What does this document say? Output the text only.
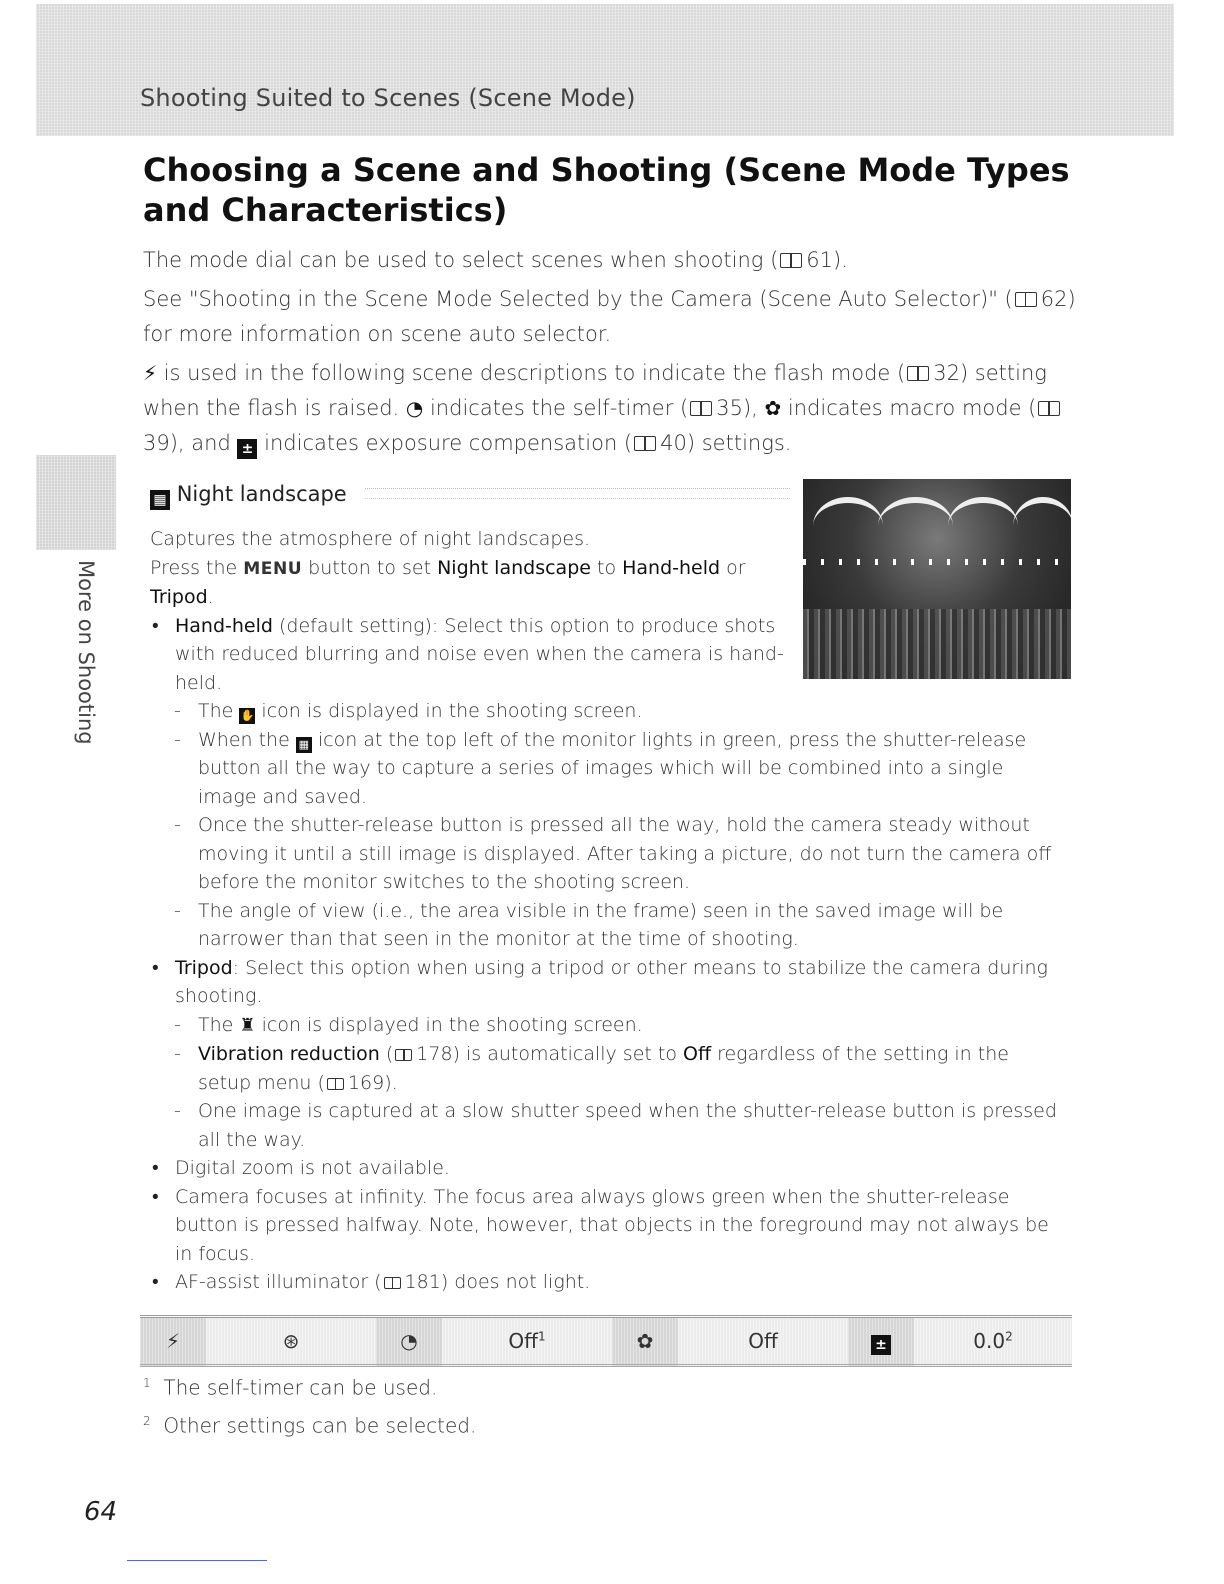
Shooting Suited to Scenes (Scene Mode)
More on Shooting
Choosing a Scene and Shooting (Scene Mode Types and Characteristics)

The mode dial can be used to select scenes when shooting ( 61).

See "Shooting in the Scene Mode Selected by the Camera (Scene Auto Selector)" ( 62) for more information on scene auto selector.

⚡ is used in the following scene descriptions to indicate the flash mode ( 32) setting when the flash is raised. ◔ indicates the self-timer ( 35), ✿ indicates macro mode (39), and ± indicates exposure compensation ( 40) settings.

▦ Night landscape

Captures the atmosphere of night landscapes.

Press the MENU button to set Night landscape to Hand-held or Tripod.

• Hand-held (default setting): Select this option to produce shots with reduced blurring and noise even when the camera is hand-held.

- The ✋ icon is displayed in the shooting screen.

- When the ▦ icon at the top left of the monitor lights in green, press the shutter-release button all the way to capture a series of images which will be combined into a single image and saved.

- Once the shutter-release button is pressed all the way, hold the camera steady without moving it until a still image is displayed. After taking a picture, do not turn the camera off before the monitor switches to the shooting screen.

- The angle of view (i.e., the area visible in the frame) seen in the saved image will be narrower than that seen in the monitor at the time of shooting.

• Tripod: Select this option when using a tripod or other means to stabilize the camera during shooting.

- The ♜ icon is displayed in the shooting screen.

- Vibration reduction ( 178) is automatically set to Off regardless of the setting in the setup menu ( 169).

- One image is captured at a slow shutter speed when the shutter-release button is pressed all the way.

• Digital zoom is not available.

• Camera focuses at infinity. The focus area always glows green when the shutter-release button is pressed halfway. Note, however, that objects in the foreground may not always be in focus.

• AF-assist illuminator ( 181) does not light.

⚡	⊛	◔	Off$^1$	✿	Off	±	$0.0^2$

$^1$ The self-timer can be used.

$^2$ Other settings can be selected.

64
